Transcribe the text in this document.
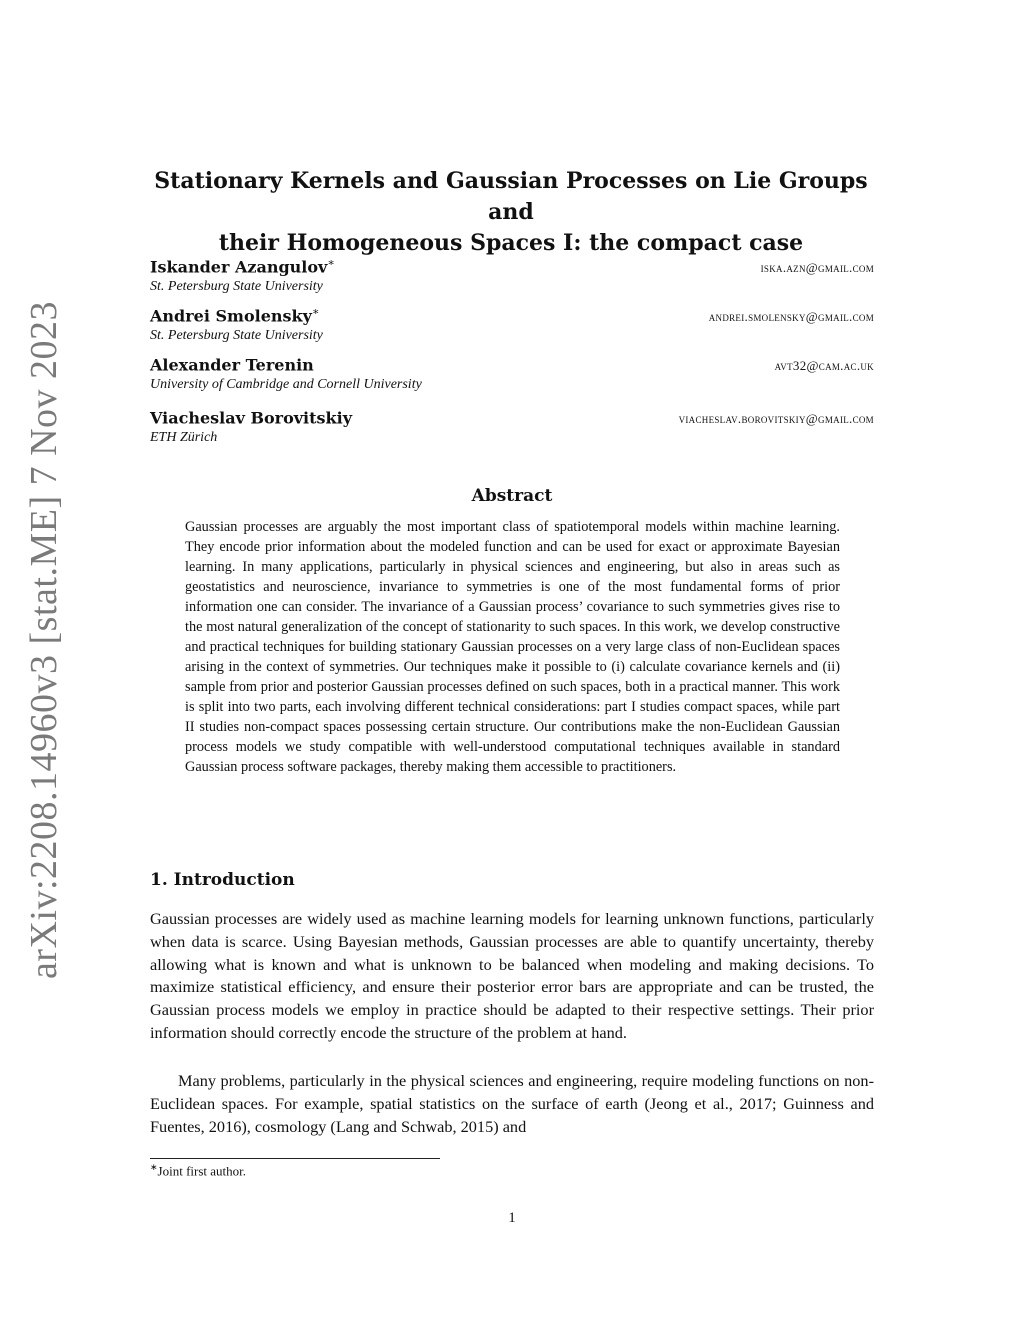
arXiv:2208.14960v3 [stat.ME] 7 Nov 2023
Stationary Kernels and Gaussian Processes on Lie Groups and
their Homogeneous Spaces I: the compact case
Iskander Azangulov∗	iska.azn@gmail.com
St. Petersburg State University
Andrei Smolensky∗	andrei.smolensky@gmail.com
St. Petersburg State University
Alexander Terenin	avt32@cam.ac.uk
University of Cambridge and Cornell University
Viacheslav Borovitskiy	viacheslav.borovitskiy@gmail.com
ETH Zürich
Abstract
Gaussian processes are arguably the most important class of spatiotemporal models within machine learning. They encode prior information about the modeled function and can be used for exact or approximate Bayesian learning. In many applications, particularly in physical sciences and engineering, but also in areas such as geostatistics and neuroscience, invariance to symmetries is one of the most fundamental forms of prior information one can consider. The invariance of a Gaussian process’ covariance to such symmetries gives rise to the most natural generalization of the concept of stationarity to such spaces. In this work, we develop constructive and practical techniques for building stationary Gaussian processes on a very large class of non-Euclidean spaces arising in the context of symmetries. Our techniques make it possible to (i) calculate covariance kernels and (ii) sample from prior and posterior Gaussian processes defined on such spaces, both in a practical manner. This work is split into two parts, each involving different technical considerations: part I studies compact spaces, while part II studies non-compact spaces possessing certain structure. Our contributions make the non-Euclidean Gaussian process models we study compatible with well-understood computational techniques available in standard Gaussian process software packages, thereby making them accessible to practitioners.
1. Introduction
Gaussian processes are widely used as machine learning models for learning unknown functions, particularly when data is scarce. Using Bayesian methods, Gaussian processes are able to quantify uncertainty, thereby allowing what is known and what is unknown to be balanced when modeling and making decisions. To maximize statistical efficiency, and ensure their posterior error bars are appropriate and can be trusted, the Gaussian process models we employ in practice should be adapted to their respective settings. Their prior information should correctly encode the structure of the problem at hand.
Many problems, particularly in the physical sciences and engineering, require modeling functions on non-Euclidean spaces. For example, spatial statistics on the surface of earth (Jeong et al., 2017; Guinness and Fuentes, 2016), cosmology (Lang and Schwab, 2015) and
∗Joint first author.
1
